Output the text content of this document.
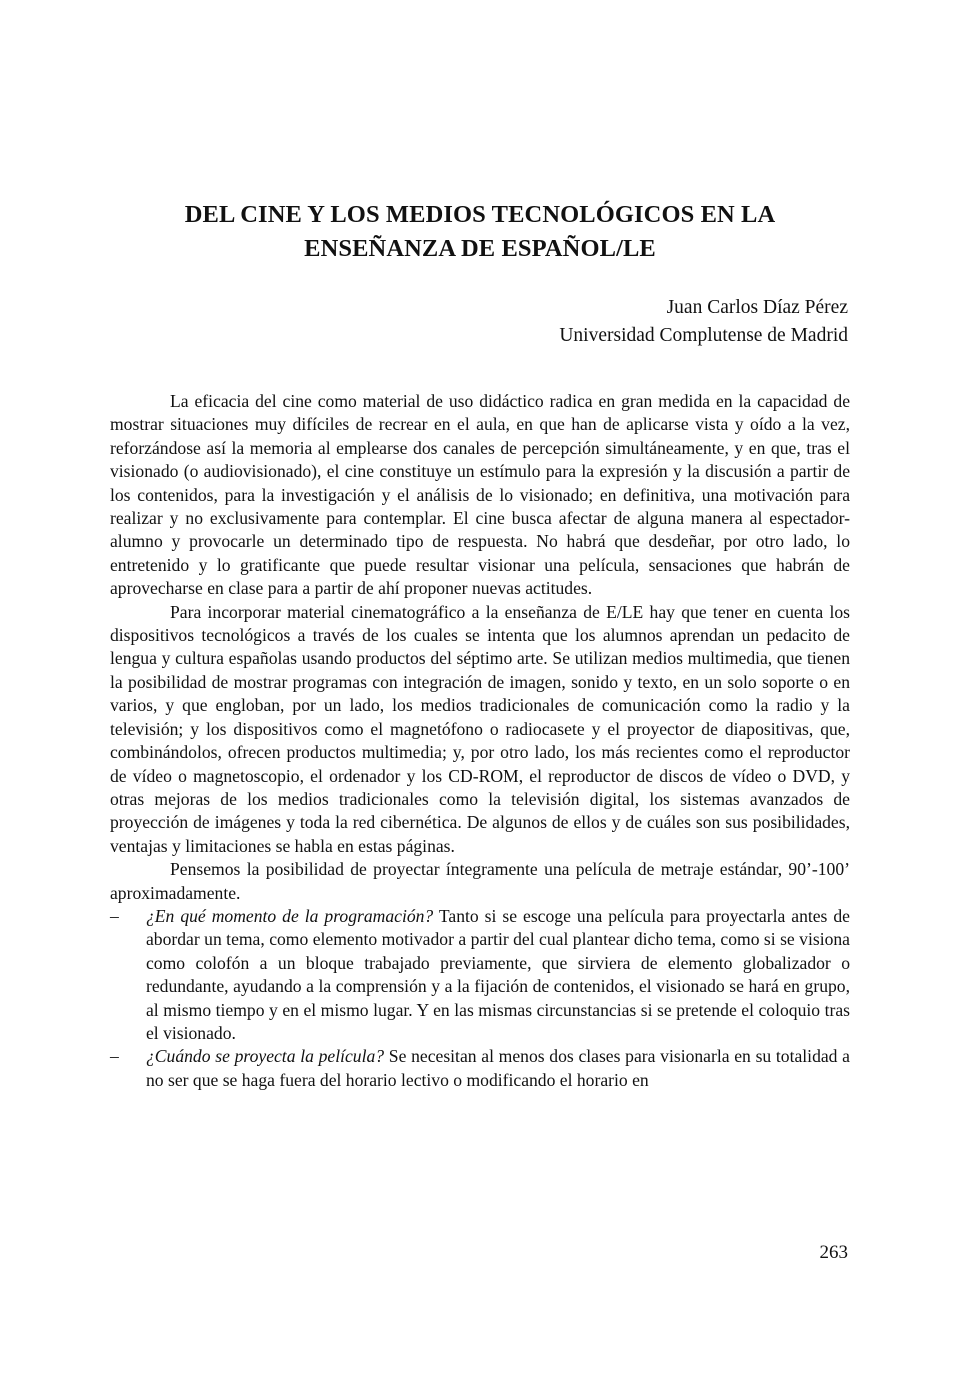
DEL CINE Y LOS MEDIOS TECNOLÓGICOS EN LA
ENSEÑANZA DE ESPAÑOL/LE
Juan Carlos Díaz Pérez
Universidad Complutense de Madrid

La eficacia del cine como material de uso didáctico radica en gran medida en la capacidad de mostrar situaciones muy difíciles de recrear en el aula, en que han de aplicarse vista y oído a la vez, reforzándose así la memoria al emplearse dos canales de percepción simultáneamente, y en que, tras el visionado (o audiovisionado), el cine constituye un estímulo para la expresión y la discusión a partir de los contenidos, para la investigación y el análisis de lo visionado; en definitiva, una motivación para realizar y no exclusivamente para contemplar. El cine busca afectar de alguna manera al espectador-alumno y provocarle un determinado tipo de respuesta. No habrá que desdeñar, por otro lado, lo entretenido y lo gratificante que puede resultar visionar una película, sensaciones que habrán de aprovecharse en clase para a partir de ahí proponer nuevas actitudes.

Para incorporar material cinematográfico a la enseñanza de E/LE hay que tener en cuenta los dispositivos tecnológicos a través de los cuales se intenta que los alumnos aprendan un pedacito de lengua y cultura españolas usando productos del séptimo arte. Se utilizan medios multimedia, que tienen la posibilidad de mostrar programas con integración de imagen, sonido y texto, en un solo soporte o en varios, y que engloban, por un lado, los medios tradicionales de comunicación como la radio y la televisión; y los dispositivos como el magnetófono o radiocasete y el proyector de diapositivas, que, combinándolos, ofrecen productos multimedia; y, por otro lado, los más recientes como el reproductor de vídeo o magnetoscopio, el ordenador y los CD-ROM, el reproductor de discos de vídeo o DVD, y otras mejoras de los medios tradicionales como la televisión digital, los sistemas avanzados de proyección de imágenes y toda la red cibernética. De algunos de ellos y de cuáles son sus posibilidades, ventajas y limitaciones se habla en estas páginas.

Pensemos la posibilidad de proyectar íntegramente una película de metraje estándar, 90’-100’ aproximadamente.

– ¿En qué momento de la programación? Tanto si se escoge una película para proyectarla antes de abordar un tema, como elemento motivador a partir del cual plantear dicho tema, como si se visiona como colofón a un bloque trabajado previamente, que sirviera de elemento globalizador o redundante, ayudando a la comprensión y a la fijación de contenidos, el visionado se hará en grupo, al mismo tiempo y en el mismo lugar. Y en las mismas circunstancias si se pretende el coloquio tras el visionado.
– ¿Cuándo se proyecta la película? Se necesitan al menos dos clases para visionarla en su totalidad a no ser que se haga fuera del horario lectivo o modificando el horario en
263
